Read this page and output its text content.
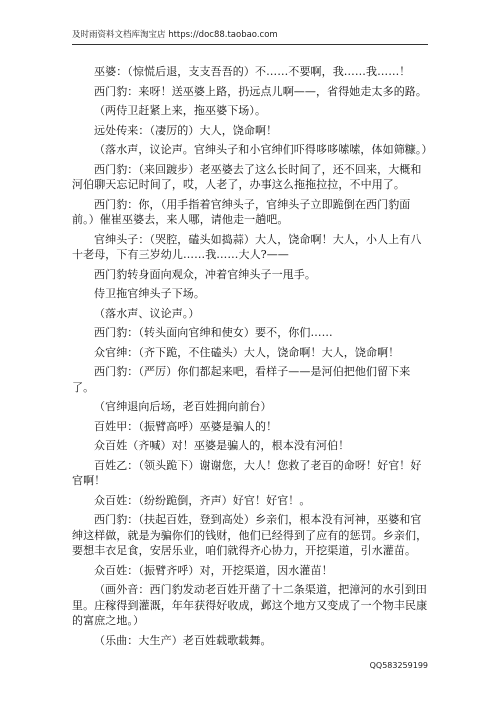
及时雨资料文档库淘宝店 https://doc88.taobao.com

巫婆：（惊慌后退，支支吾吾的）不……不要啊，我……我……！

西门豹：来呀！送巫婆上路，扔远点儿啊——，省得她走太多的路。

（两侍卫赶紧上来，拖巫婆下场）。

远处传来：（凄厉的）大人，饶命啊！

（落水声，议论声。官绅头子和小官绅们吓得哆哆嗦嗦，体如筛糠。）

西门豹：（来回踱步）老巫婆去了这么长时间了，还不回来，大概和河伯聊天忘记时间了，哎，人老了，办事这么拖拖拉拉，不中用了。

西门豹：你，（用手指着官绅头子，官绅头子立即跪倒在西门豹面前。）催崔巫婆去，来人哪，请他走一趟吧。

官绅头子：（哭腔，磕头如捣蒜）大人，饶命啊！大人，小人上有八十老母，下有三岁幼儿……我……大人?——

西门豹转身面向观众，冲着官绅头子一甩手。

侍卫拖官绅头子下场。

（落水声、议论声。）

西门豹：（转头面向官绅和使女）要不，你们……

众官绅：（齐下跪，不住磕头）大人，饶命啊！大人，饶命啊！

西门豹：（严厉）你们都起来吧，看样子——是河伯把他们留下来了。

（官绅退向后场，老百姓拥向前台）

百姓甲：（振臂高呼）巫婆是骗人的！

众百姓（齐喊）对！巫婆是骗人的，根本没有河伯！

百姓乙：（领头跪下）谢谢您，大人！您救了老百的命呀！好官！好官啊！

众百姓：（纷纷跪倒，齐声）好官！好官！。

西门豹：（扶起百姓，登到高处）乡亲们，根本没有河神，巫婆和官绅这样做，就是为骗你们的钱财，他们已经得到了应有的惩罚。乡亲们，要想丰衣足食，安居乐业，咱们就得齐心协力，开挖渠道，引水灌苗。

众百姓：（振臂齐呼）对，开挖渠道，因水灌苗！

（画外音：西门豹发动老百姓开凿了十二条渠道，把漳河的水引到田里。庄稼得到灌溉，年年获得好收成，邺这个地方又变成了一个物丰民康的富庶之地。）

（乐曲：大生产）老百姓载歌载舞。

QQ583259199
